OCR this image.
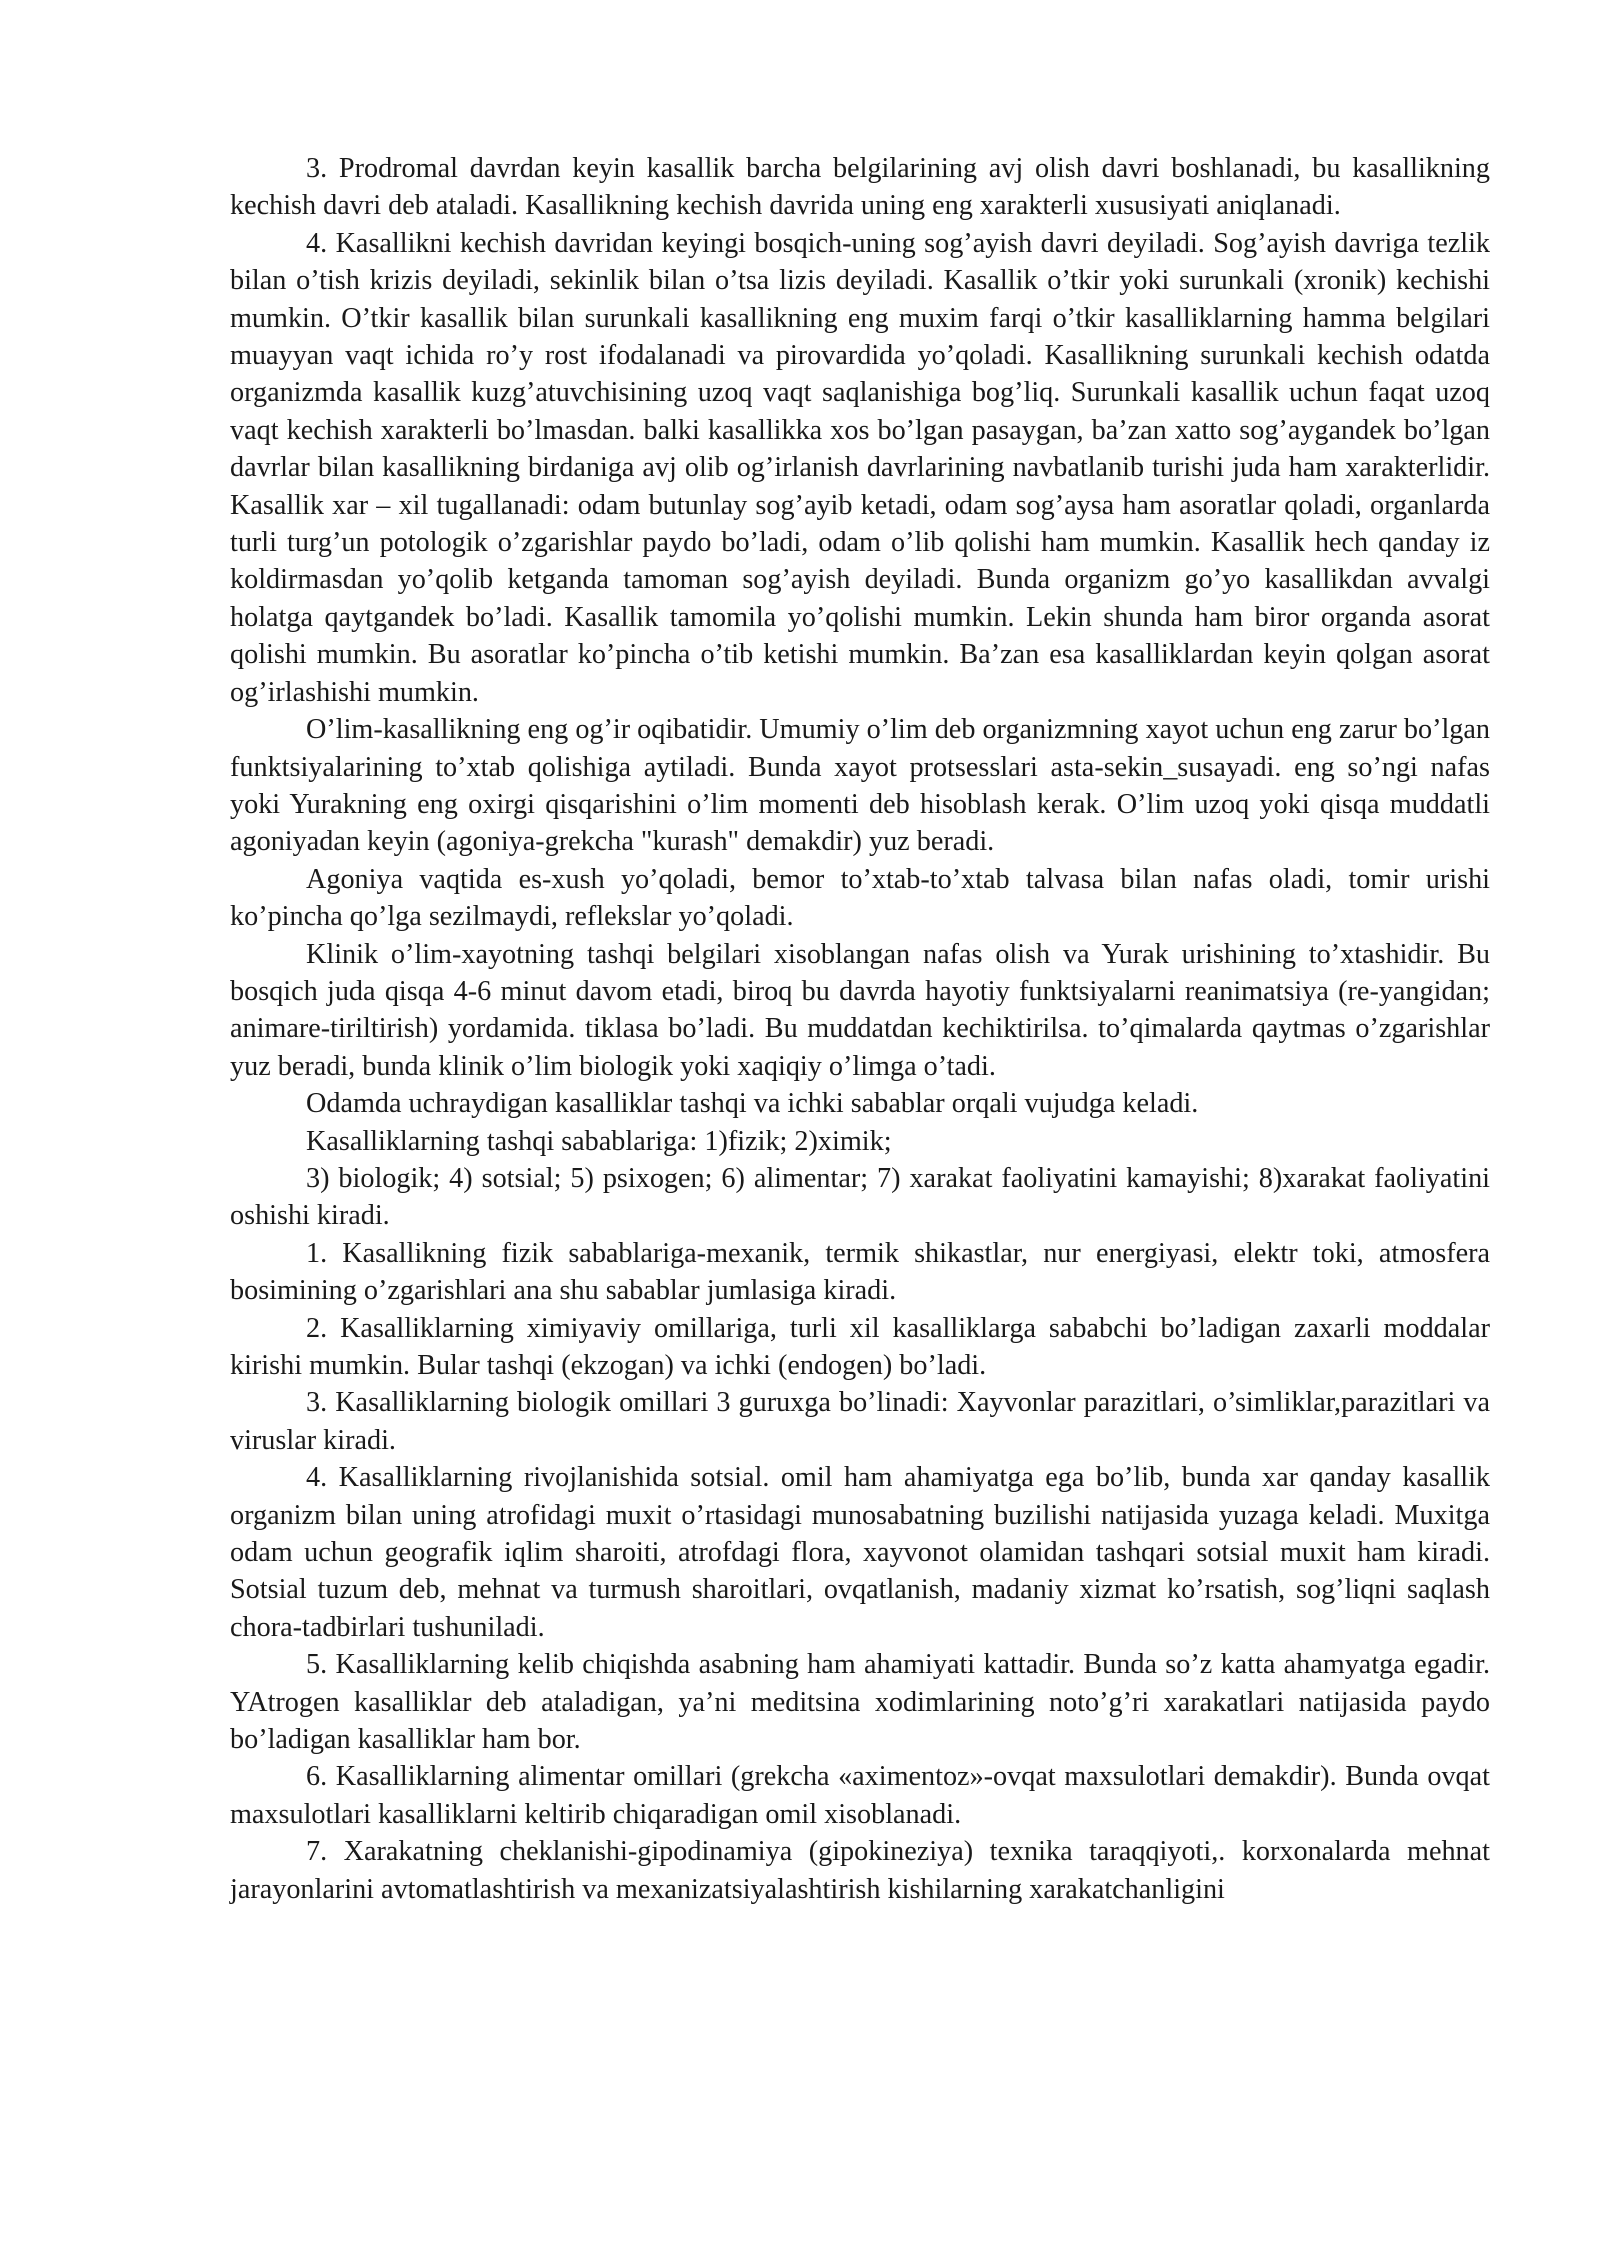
3. Prodromal davrdan keyin kasallik barcha belgilarining avj olish davri boshlanadi, bu kasallikning kechish davri deb ataladi. Kasallikning kechish davrida uning eng xarakterli xususiyati aniqlanadi.

4. Kasallikni kechish davridan keyingi bosqich-uning sog’ayish davri deyiladi. Sog’ayish davriga tezlik bilan o’tish krizis deyiladi, sekinlik bilan o’tsa lizis deyiladi. Kasallik o’tkir yoki surunkali (xronik) kechishi mumkin. O’tkir kasallik bilan surunkali kasallikning eng muxim farqi o’tkir kasalliklarning hamma belgilari muayyan vaqt ichida ro’y rost ifodalanadi va pirovardida yo’qoladi. Kasallikning surunkali kechish odatda organizmda kasallik kuzg’atuvchisining uzoq vaqt saqlanishiga bog’liq. Surunkali kasallik uchun faqat uzoq vaqt kechish xarakterli bo’lmasdan. balki kasallikka xos bo’lgan pasaygan, ba’zan xatto sog’aygandek bo’lgan davrlar bilan kasallikning birdaniga avj olib og’irlanish davrlarining navbatlanib turishi juda ham xarakterlidir. Kasallik xar – xil tugallanadi: odam butunlay sog’ayib ketadi, odam sog’aysa ham asoratlar qoladi, organlarda turli turg’un potologik o’zgarishlar paydo bo’ladi, odam o’lib qolishi ham mumkin. Kasallik hech qanday iz koldirmasdan yo’qolib ketganda tamoman sog’ayish deyiladi. Bunda organizm go’yo kasallikdan avvalgi holatga qaytgandek bo’ladi. Kasallik tamomila yo’qolishi mumkin. Lekin shunda ham biror organda asorat qolishi mumkin. Bu asoratlar ko’pincha o’tib ketishi mumkin. Ba’zan esa kasalliklardan keyin qolgan asorat og’irlashishi mumkin.

O’lim-kasallikning eng og’ir oqibatidir. Umumiy o’lim deb organizmning xayot uchun eng zarur bo’lgan funktsiyalarining to’xtab qolishiga aytiladi. Bunda xayot protsesslari asta-sekin_susayadi. eng so’ngi nafas yoki Yurakning eng oxirgi qisqarishini o’lim momenti deb hisoblash kerak. O’lim uzoq yoki qisqa muddatli agoniyadan keyin (agoniya-grekcha "kurash" demakdir) yuz beradi.

Agoniya vaqtida es-xush yo’qoladi, bemor to’xtab-to’xtab talvasa bilan nafas oladi, tomir urishi ko’pincha qo’lga sezilmaydi, reflekslar yo’qoladi.

Klinik o’lim-xayotning tashqi belgilari xisoblangan nafas olish va Yurak urishining to’xtashidir. Bu bosqich juda qisqa 4-6 minut davom etadi, biroq bu davrda hayotiy funktsiyalarni reanimatsiya (re-yangidan; animare-tiriltirish) yordamida. tiklasa bo’ladi. Bu muddatdan kechiktirilsa. to’qimalarda qaytmas o’zgarishlar yuz beradi, bunda klinik o’lim biologik yoki xaqiqiy o’limga o’tadi.

Odamda uchraydigan kasalliklar tashqi va ichki sabablar orqali vujudga keladi.

Kasalliklarning tashqi sabablariga: 1)fizik; 2)ximik;

3) biologik; 4) sotsial; 5) psixogen; 6) alimentar; 7) xarakat faoliyatini kamayishi; 8)xarakat faoliyatini oshishi kiradi.

1. Kasallikning fizik sabablariga-mexanik, termik shikastlar, nur energiyasi, elektr toki, atmosfera bosimining o’zgarishlari ana shu sabablar jumlasiga kiradi.

2. Kasalliklarning ximiyaviy omillariga, turli xil kasalliklarga sababchi bo’ladigan zaxarli moddalar kirishi mumkin. Bular tashqi (ekzogan) va ichki (endogen) bo’ladi.

3. Kasalliklarning biologik omillari 3 guruxga bo’linadi: Xayvonlar parazitlari, o’simliklar,parazitlari va viruslar kiradi.

4. Kasalliklarning rivojlanishida sotsial. omil ham ahamiyatga ega bo’lib, bunda xar qanday kasallik organizm bilan uning atrofidagi muxit o’rtasidagi munosabatning buzilishi natijasida yuzaga keladi. Muxitga odam uchun geografik iqlim sharoiti, atrofdagi flora, xayvonot olamidan tashqari sotsial muxit ham kiradi. Sotsial tuzum deb, mehnat va turmush sharoitlari, ovqatlanish, madaniy xizmat ko’rsatish, sog’liqni saqlash chora-tadbirlari tushuniladi.

5. Kasalliklarning kelib chiqishda asabning ham ahamiyati kattadir. Bunda so’z katta ahamyatga egadir. YAtrogen kasalliklar deb ataladigan, ya’ni meditsina xodimlarining noto’g’ri xarakatlari natijasida paydo bo’ladigan kasalliklar ham bor.

6. Kasalliklarning alimentar omillari (grekcha «aximentoz»-ovqat maxsulotlari demakdir). Bunda ovqat maxsulotlari kasalliklarni keltirib chiqaradigan omil xisoblanadi.

7. Xarakatning cheklanishi-gipodinamiya (gipokineziya) texnika taraqqiyoti,. korxonalarda mehnat jarayonlarini avtomatlashtirish va mexanizatsiyalashtirish kishilarning xarakatchanligini
